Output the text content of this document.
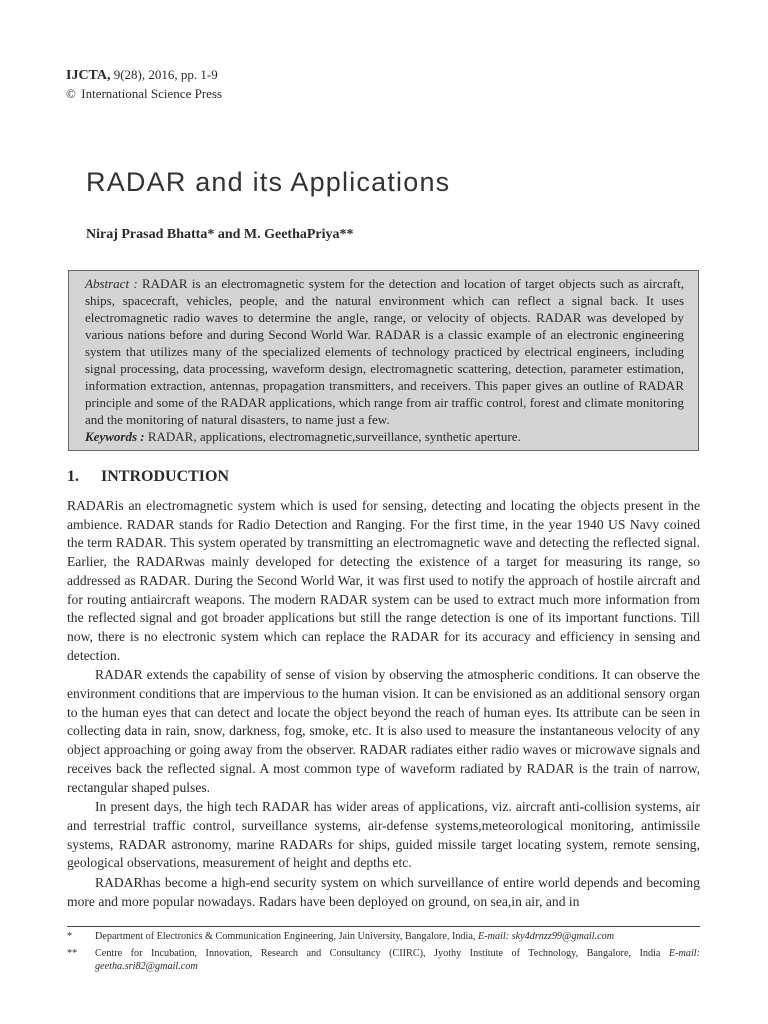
IJCTA, 9(28), 2016, pp. 1-9
© International Science Press
RADAR and its Applications
Niraj Prasad Bhatta* and M. GeethaPriya**
Abstract : RADAR is an electromagnetic system for the detection and location of target objects such as aircraft, ships, spacecraft, vehicles, people, and the natural environment which can reflect a signal back. It uses electromagnetic radio waves to determine the angle, range, or velocity of objects. RADAR was developed by various nations before and during Second World War. RADAR is a classic example of an electronic engineering system that utilizes many of the specialized elements of technology practiced by electrical engineers, including signal processing, data processing, waveform design, electromagnetic scattering, detection, parameter estimation, information extraction, antennas, propagation transmitters, and receivers. This paper gives an outline of RADAR principle and some of the RADAR applications, which range from air traffic control, forest and climate monitoring and the monitoring of natural disasters, to name just a few.
Keywords : RADAR, applications, electromagnetic,surveillance, synthetic aperture.
1. INTRODUCTION

RADARis an electromagnetic system which is used for sensing, detecting and locating the objects present in the ambience. RADAR stands for Radio Detection and Ranging. For the first time, in the year 1940 US Navy coined the term RADAR. This system operated by transmitting an electromagnetic wave and detecting the reflected signal. Earlier, the RADARwas mainly developed for detecting the existence of a target for measuring its range, so addressed as RADAR. During the Second World War, it was first used to notify the approach of hostile aircraft and for routing antiaircraft weapons. The modern RADAR system can be used to extract much more information from the reflected signal and got broader applications but still the range detection is one of its important functions. Till now, there is no electronic system which can replace the RADAR for its accuracy and efficiency in sensing and detection.

RADAR extends the capability of sense of vision by observing the atmospheric conditions. It can observe the environment conditions that are impervious to the human vision. It can be envisioned as an additional sensory organ to the human eyes that can detect and locate the object beyond the reach of human eyes. Its attribute can be seen in collecting data in rain, snow, darkness, fog, smoke, etc. It is also used to measure the instantaneous velocity of any object approaching or going away from the observer. RADAR radiates either radio waves or microwave signals and receives back the reflected signal. A most common type of waveform radiated by RADAR is the train of narrow, rectangular shaped pulses.

In present days, the high tech RADAR has wider areas of applications, viz. aircraft anti-collision systems, air and terrestrial traffic control, surveillance systems, air-defense systems,meteorological monitoring, antimissile systems, RADAR astronomy, marine RADARs for ships, guided missile target locating system, remote sensing, geological observations, measurement of height and depths etc.

RADARhas become a high-end security system on which surveillance of entire world depends and becoming more and more popular nowadays. Radars have been deployed on ground, on sea,in air, and in

*	Department of Electronics & Communication Engineering, Jain University, Bangalore, India, E-mail: sky4drnzz99@gmail.com
**	Centre for Incubation, Innovation, Research and Consultancy (CIIRC), Jyothy Institute of Technology, Bangalore, India E-mail: geetha.sri82@gmail.com
